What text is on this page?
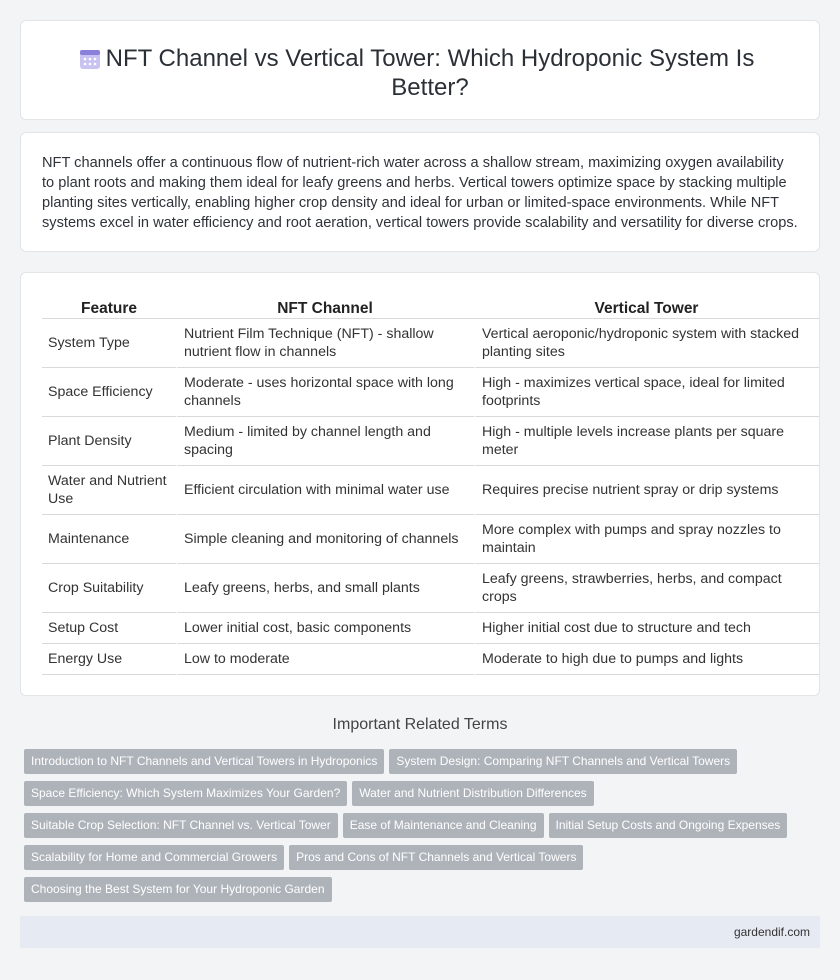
NFT Channel vs Vertical Tower: Which Hydroponic System Is Better?

NFT channels offer a continuous flow of nutrient-rich water across a shallow stream, maximizing oxygen availability to plant roots and making them ideal for leafy greens and herbs. Vertical towers optimize space by stacking multiple planting sites vertically, enabling higher crop density and ideal for urban or limited-space environments. While NFT systems excel in water efficiency and root aeration, vertical towers provide scalability and versatility for diverse crops.

Feature	NFT Channel	Vertical Tower
System Type	Nutrient Film Technique (NFT) - shallow nutrient flow in channels	Vertical aeroponic/hydroponic system with stacked planting sites
Space Efficiency	Moderate - uses horizontal space with long channels	High - maximizes vertical space, ideal for limited footprints
Plant Density	Medium - limited by channel length and spacing	High - multiple levels increase plants per square meter
Water and Nutrient Use	Efficient circulation with minimal water use	Requires precise nutrient spray or drip systems
Maintenance	Simple cleaning and monitoring of channels	More complex with pumps and spray nozzles to maintain
Crop Suitability	Leafy greens, herbs, and small plants	Leafy greens, strawberries, herbs, and compact crops
Setup Cost	Lower initial cost, basic components	Higher initial cost due to structure and tech
Energy Use	Low to moderate	Moderate to high due to pumps and lights
Important Related Terms
Introduction to NFT Channels and Vertical Towers in Hydroponics System Design: Comparing NFT Channels and Vertical Towers
Space Efficiency: Which System Maximizes Your Garden? Water and Nutrient Distribution Differences
Suitable Crop Selection: NFT Channel vs. Vertical Tower Ease of Maintenance and Cleaning Initial Setup Costs and Ongoing Expenses
Scalability for Home and Commercial Growers Pros and Cons of NFT Channels and Vertical Towers
Choosing the Best System for Your Hydroponic Garden
gardendif.com
